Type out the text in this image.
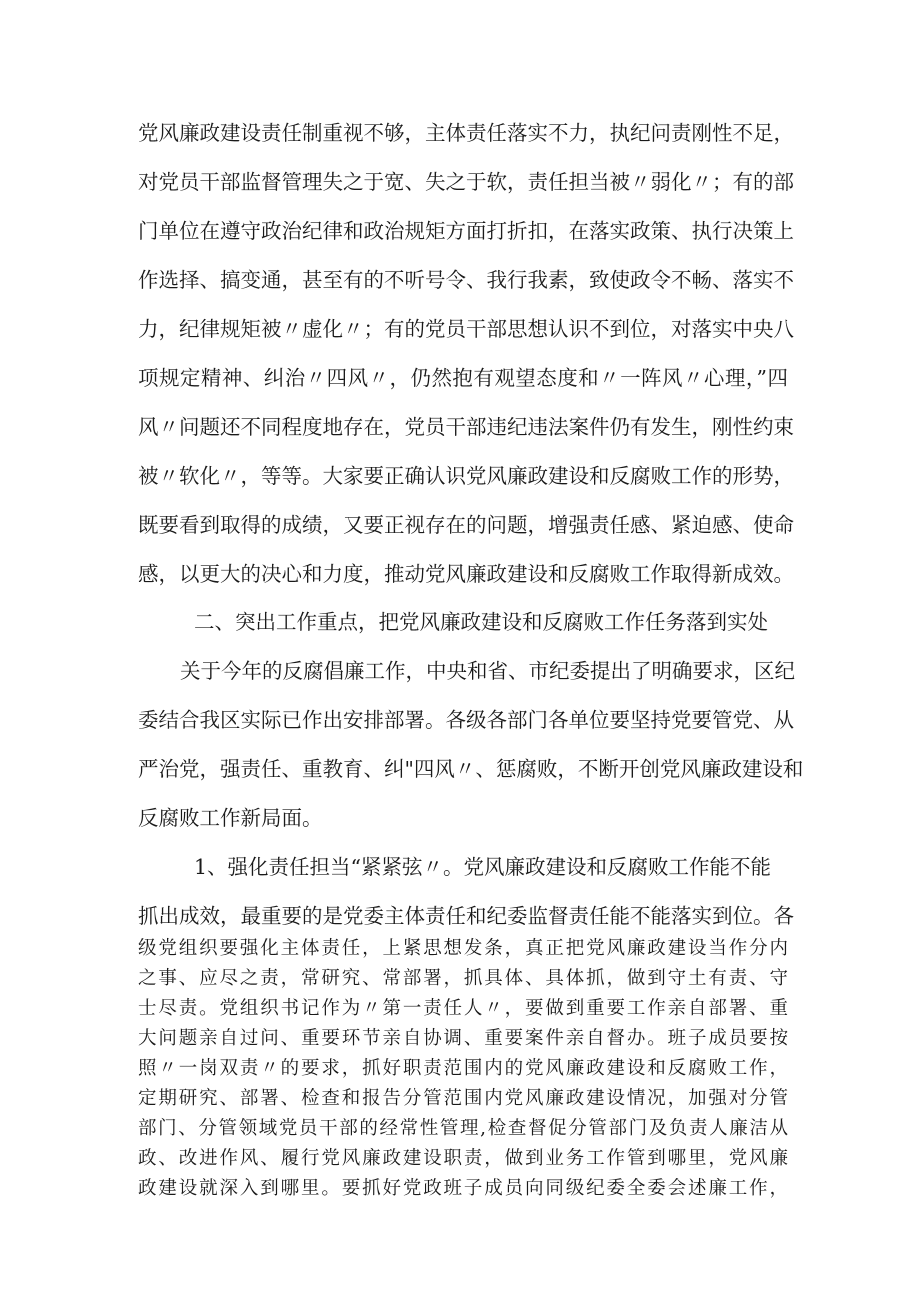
党风廉政建设责任制重视不够，主体责任落实不力，执纪问责刚性不足，
对党员干部监督管理失之于宽、失之于软，责任担当被〃弱化〃；有的部
门单位在遵守政治纪律和政治规矩方面打折扣，在落实政策、执行决策上
作选择、搞变通，甚至有的不听号令、我行我素，致使政令不畅、落实不
力，纪律规矩被〃虚化〃；有的党员干部思想认识不到位，对落实中央八
项规定精神、纠治〃四风〃，仍然抱有观望态度和〃一阵风〃心理，”四
风〃问题还不同程度地存在，党员干部违纪违法案件仍有发生，刚性约束
被〃软化〃，等等。大家要正确认识党风廉政建设和反腐败工作的形势，
既要看到取得的成绩，又要正视存在的问题，增强责任感、紧迫感、使命
感，以更大的决心和力度，推动党风廉政建设和反腐败工作取得新成效。
二、突出工作重点，把党风廉政建设和反腐败工作任务落到实处
关于今年的反腐倡廉工作，中央和省、市纪委提出了明确要求，区纪
委结合我区实际已作出安排部署。各级各部门各单位要坚持党要管党、从
严治党，强责任、重教育、纠"四风〃、惩腐败，不断开创党风廉政建设和
反腐败工作新局面。
1、强化责任担当“紧紧弦〃。党风廉政建设和反腐败工作能不能
抓出成效，最重要的是党委主体责任和纪委监督责任能不能落实到位。各
级党组织要强化主体责任，上紧思想发条，真正把党风廉政建设当作分内
之事、应尽之责，常研究、常部署，抓具体、具体抓，做到守土有责、守
士尽责。党组织书记作为〃第一责任人〃，要做到重要工作亲自部署、重
大问题亲自过问、重要环节亲自协调、重要案件亲自督办。班子成员要按
照〃一岗双责〃的要求，抓好职责范围内的党风廉政建设和反腐败工作，
定期研究、部署、检查和报告分管范围内党风廉政建设情况，加强对分管
部门、分管领域党员干部的经常性管理,检查督促分管部门及负责人廉洁从
政、改进作风、履行党风廉政建设职责，做到业务工作管到哪里，党风廉
政建设就深入到哪里。要抓好党政班子成员向同级纪委全委会述廉工作，
